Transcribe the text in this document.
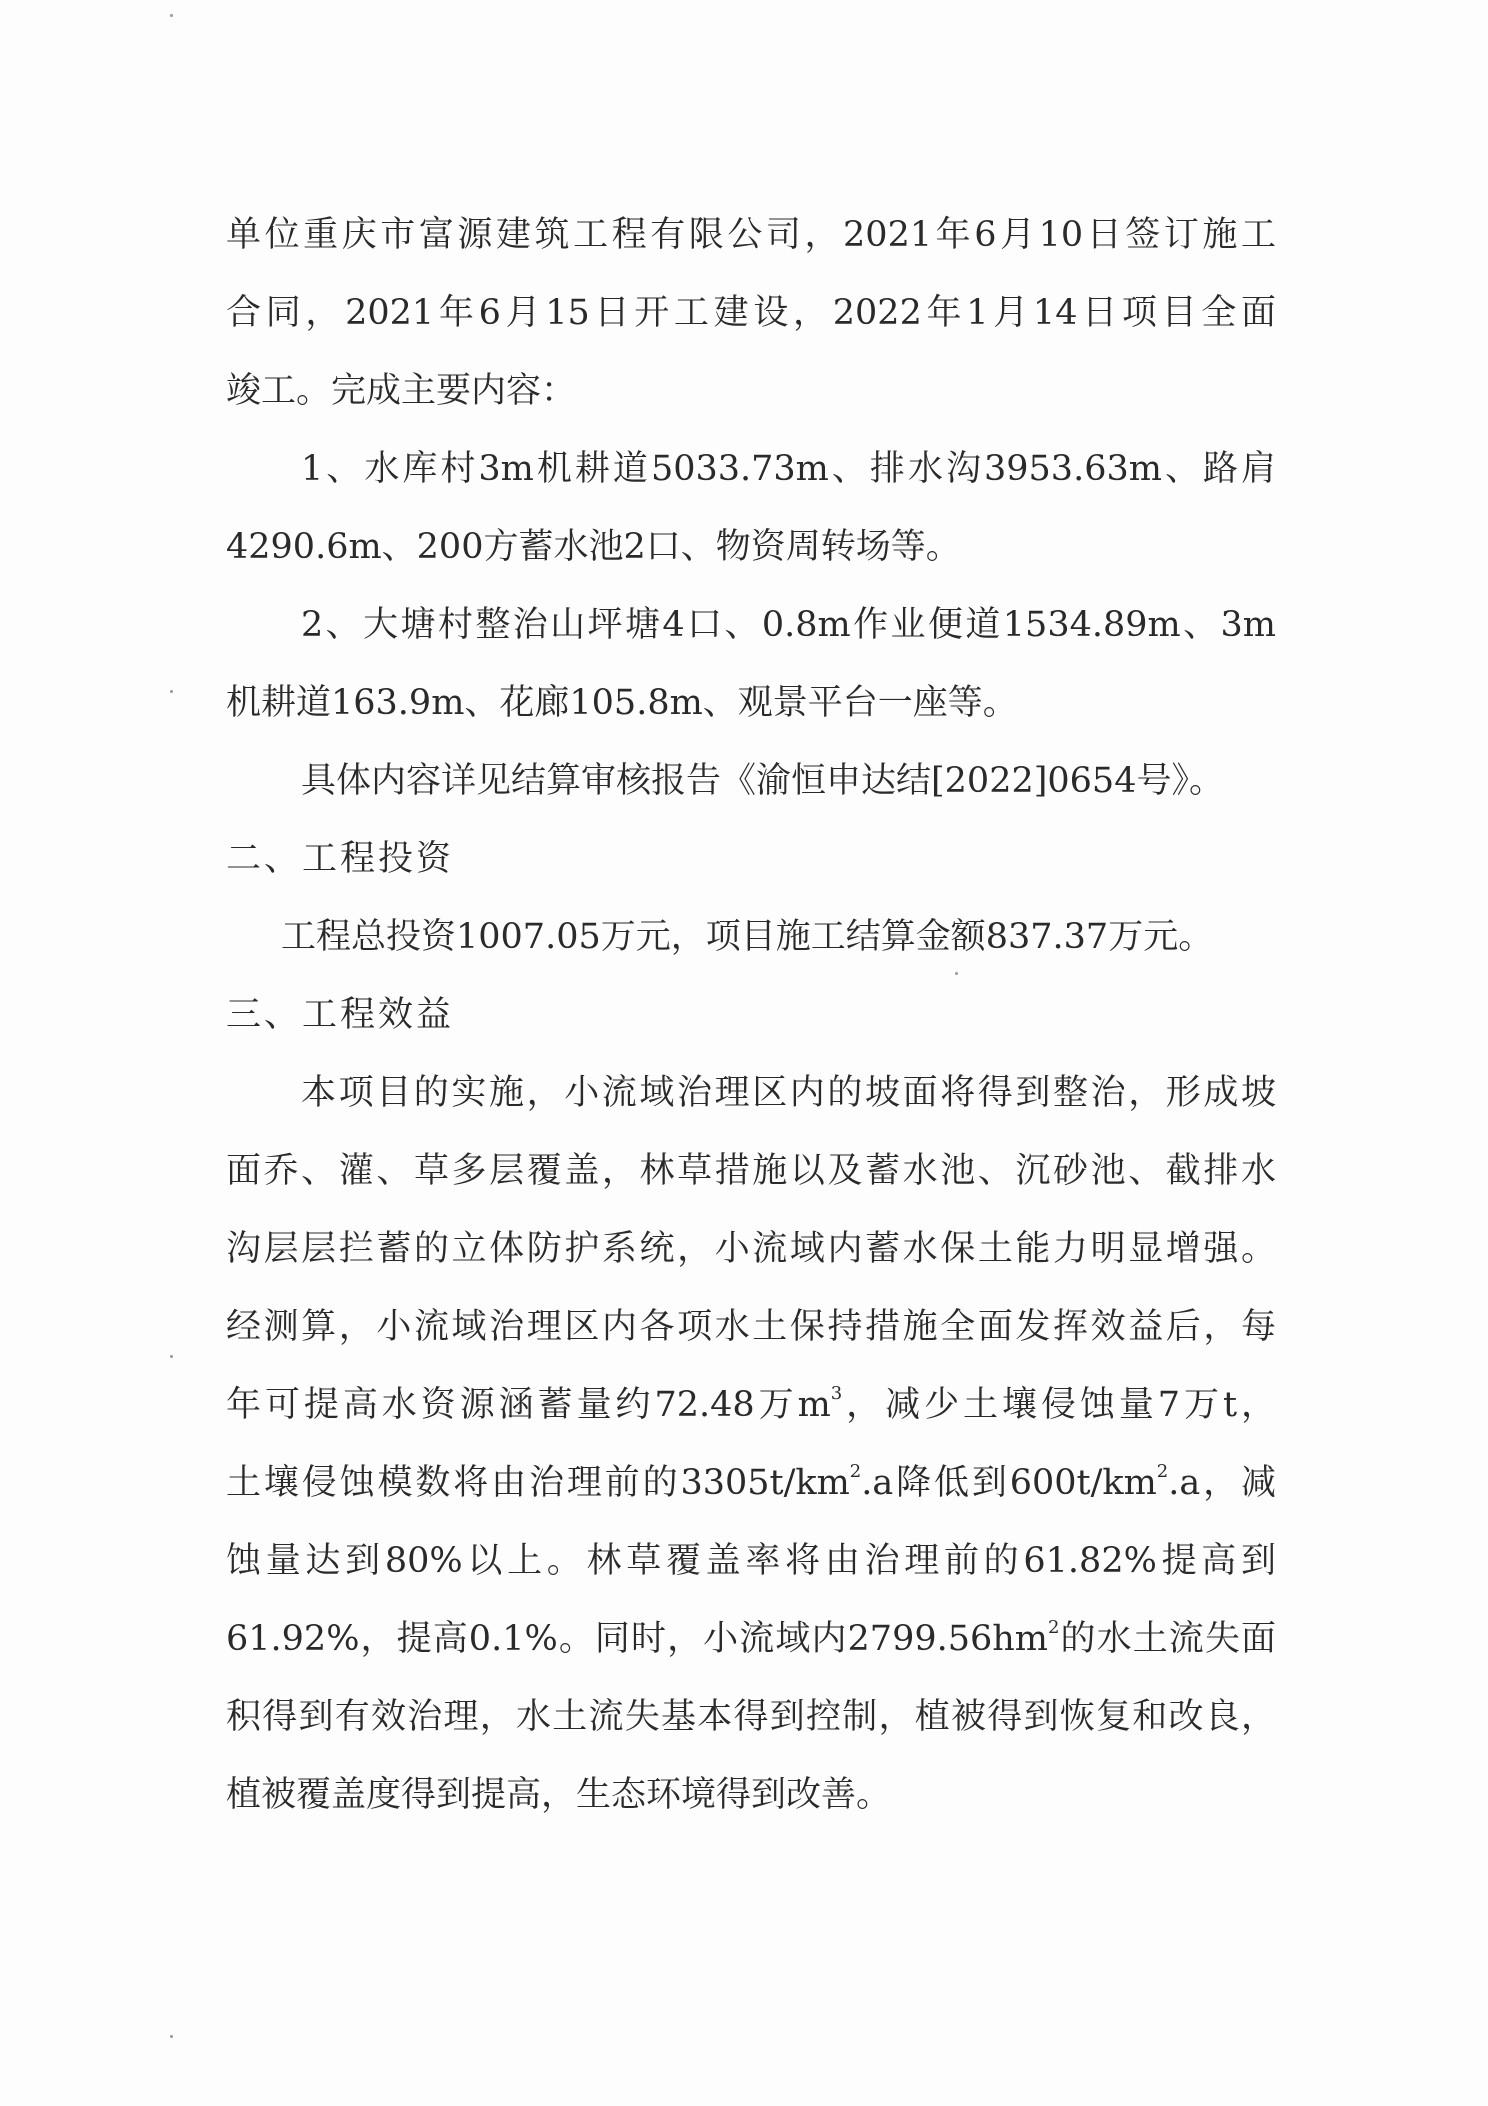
单位重庆市富源建筑工程有限公司，2021年6月10日签订施工
合同，2021年6月15日开工建设，2022年1月14日项目全面
竣工。完成主要内容：

1、水库村3m机耕道5033.73m、排水沟3953.63m、路肩
4290.6m、200方蓄水池2口、物资周转场等。

2、大塘村整治山坪塘4口、0.8m作业便道1534.89m、3m
机耕道163.9m、花廊105.8m、观景平台一座等。

具体内容详见结算审核报告《渝恒申达结[2022]0654号》。

二、工程投资

工程总投资1007.05万元，项目施工结算金额837.37万元。

三、工程效益

本项目的实施，小流域治理区内的坡面将得到整治，形成坡
面乔、灌、草多层覆盖，林草措施以及蓄水池、沉砂池、截排水
沟层层拦蓄的立体防护系统，小流域内蓄水保土能力明显增强。
经测算，小流域治理区内各项水土保持措施全面发挥效益后，每
年可提高水资源涵蓄量约72.48万$m^3$，减少土壤侵蚀量7万t，
土壤侵蚀模数将由治理前的$3305t/km^2.a$降低到$600t/km^2.a$，减
蚀量达到80%以上。林草覆盖率将由治理前的61.82%提高到
61.92%，提高0.1%。同时，小流域内$2799.56hm^2$的水土流失面
积得到有效治理，水土流失基本得到控制，植被得到恢复和改良，
植被覆盖度得到提高，生态环境得到改善。
